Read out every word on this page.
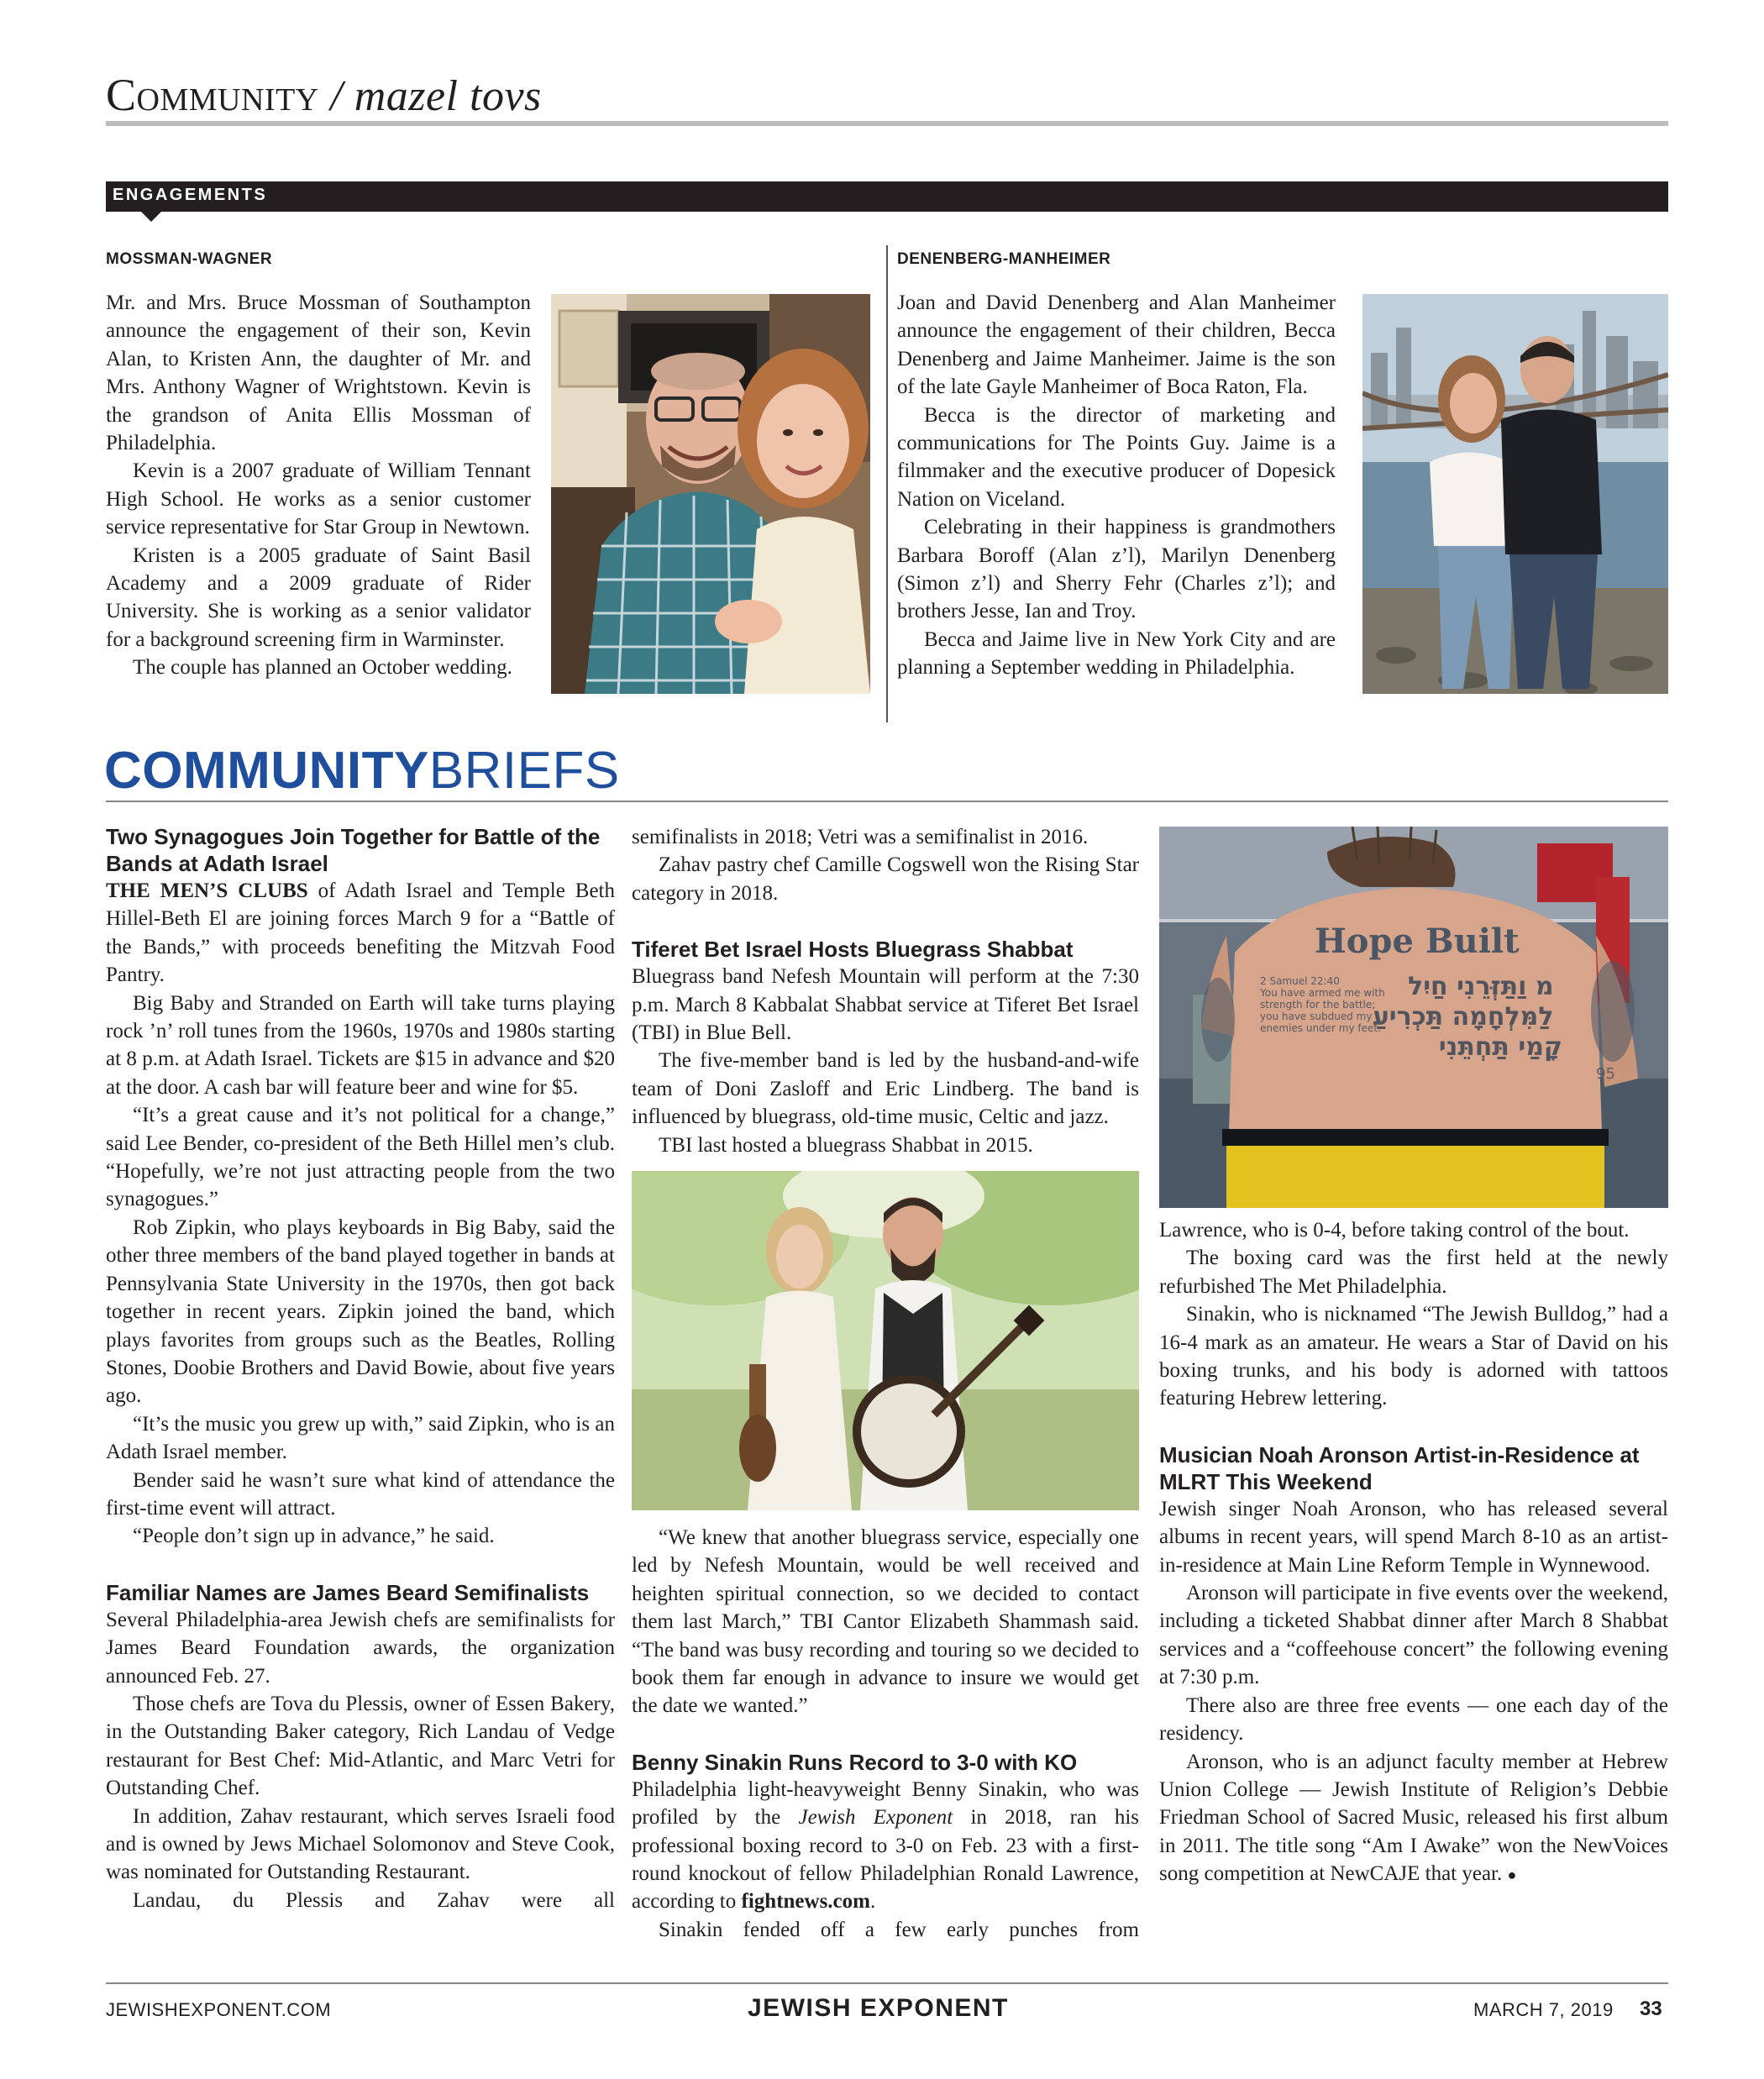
Community / mazel tovs
ENGAGEMENTS
MOSSMAN-WAGNER	DENENBERG-MANHEIMER

Mr. and Mrs. Bruce Mossman of Southampton announce the engagement of their son, Kevin Alan, to Kristen Ann, the daughter of Mr. and Mrs. Anthony Wagner of Wrightstown. Kevin is the grandson of Anita Ellis Mossman of Philadelphia.

Kevin is a 2007 graduate of William Tennant High School. He works as a senior customer service representative for Star Group in Newtown.

Kristen is a 2005 graduate of Saint Basil Academy and a 2009 graduate of Rider University. She is working as a senior validator for a background screening firm in Warminster.

The couple has planned an October wedding.

Joan and David Denenberg and Alan Manheimer announce the engagement of their children, Becca Denenberg and Jaime Manheimer. Jaime is the son of the late Gayle Manheimer of Boca Raton, Fla.

Becca is the director of marketing and communications for The Points Guy. Jaime is a filmmaker and the executive producer of Dopesick Nation on Viceland.

Celebrating in their happiness is grandmothers Barbara Boroff (Alan z’l), Marilyn Denenberg (Simon z’l) and Sherry Fehr (Charles z’l); and brothers Jesse, Ian and Troy.

Becca and Jaime live in New York City and are planning a September wedding in Philadelphia.

COMMUNITYBRIEFS

Two Synagogues Join Together for Battle of the Bands at Adath Israel

THE MEN’S CLUBS of Adath Israel and Temple Beth Hillel-Beth El are joining forces March 9 for a “Battle of the Bands,” with proceeds benefiting the Mitzvah Food Pantry.

Big Baby and Stranded on Earth will take turns playing rock ’n’ roll tunes from the 1960s, 1970s and 1980s starting at 8 p.m. at Adath Israel. Tickets are $15 in advance and $20 at the door. A cash bar will feature beer and wine for $5.

“It’s a great cause and it’s not political for a change,” said Lee Bender, co-president of the Beth Hillel men’s club. “Hopefully, we’re not just attracting people from the two synagogues.”

Rob Zipkin, who plays keyboards in Big Baby, said the other three members of the band played together in bands at Pennsylvania State University in the 1970s, then got back together in recent years. Zipkin joined the band, which plays favorites from groups such as the Beatles, Rolling Stones, Doobie Brothers and David Bowie, about five years ago.

“It’s the music you grew up with,” said Zipkin, who is an Adath Israel member.

Bender said he wasn’t sure what kind of attendance the first-time event will attract.

“People don’t sign up in advance,” he said.

Familiar Names are James Beard Semifinalists

Several Philadelphia-area Jewish chefs are semifinalists for James Beard Foundation awards, the organization announced Feb. 27.

Those chefs are Tova du Plessis, owner of Essen Bakery, in the Outstanding Baker category, Rich Landau of Vedge restaurant for Best Chef: Mid-Atlantic, and Marc Vetri for Outstanding Chef.

In addition, Zahav restaurant, which serves Israeli food and is owned by Jews Michael Solomonov and Steve Cook, was nominated for Outstanding Restaurant.

Landau, du Plessis and Zahav were all

semifinalists in 2018; Vetri was a semifinalist in 2016.

Zahav pastry chef Camille Cogswell won the Rising Star category in 2018.

Tiferet Bet Israel Hosts Bluegrass Shabbat

Bluegrass band Nefesh Mountain will perform at the 7:30 p.m. March 8 Kabbalat Shabbat service at Tiferet Bet Israel (TBI) in Blue Bell.

The five-member band is led by the husband-and-wife team of Doni Zasloff and Eric Lindberg. The band is influenced by bluegrass, old-time music, Celtic and jazz.

TBI last hosted a bluegrass Shabbat in 2015.

“We knew that another bluegrass service, especially one led by Nefesh Mountain, would be well received and heighten spiritual connection, so we decided to contact them last March,” TBI Cantor Elizabeth Shammash said. “The band was busy recording and touring so we decided to book them far enough in advance to insure we would get the date we wanted.”

Benny Sinakin Runs Record to 3-0 with KO

Philadelphia light-heavyweight Benny Sinakin, who was profiled by the Jewish Exponent in 2018, ran his professional boxing record to 3-0 on Feb. 23 with a first-round knockout of fellow Philadelphian Ronald Lawrence, according to fightnews.com.

Sinakin fended off a few early punches from

Hope Built
2 Samuel 22:40 You have armed me with strength for the battle; you have subdued my enemies under my feet.
מ וַתַּזְּרֵנִי חַיִל לַמִּלְחָמָה תַּכְרִיעַ קָמַי תַּחְתֵּנִי
95

Lawrence, who is 0-4, before taking control of the bout.

The boxing card was the first held at the newly refurbished The Met Philadelphia.

Sinakin, who is nicknamed “The Jewish Bulldog,” had a 16-4 mark as an amateur. He wears a Star of David on his boxing trunks, and his body is adorned with tattoos featuring Hebrew lettering.

Musician Noah Aronson Artist-in-Residence at MLRT This Weekend

Jewish singer Noah Aronson, who has released several albums in recent years, will spend March 8-10 as an artist-in-residence at Main Line Reform Temple in Wynnewood.

Aronson will participate in five events over the weekend, including a ticketed Shabbat dinner after March 8 Shabbat services and a “coffeehouse concert” the following evening at 7:30 p.m.

There also are three free events — one each day of the residency.

Aronson, who is an adjunct faculty member at Hebrew Union College — Jewish Institute of Religion’s Debbie Friedman School of Sacred Music, released his first album in 2011. The title song “Am I Awake” won the NewVoices song competition at NewCAJE that year. ●

JEWISHEXPONENT.COM	JEWISH EXPONENT	MARCH 7, 2019 33
